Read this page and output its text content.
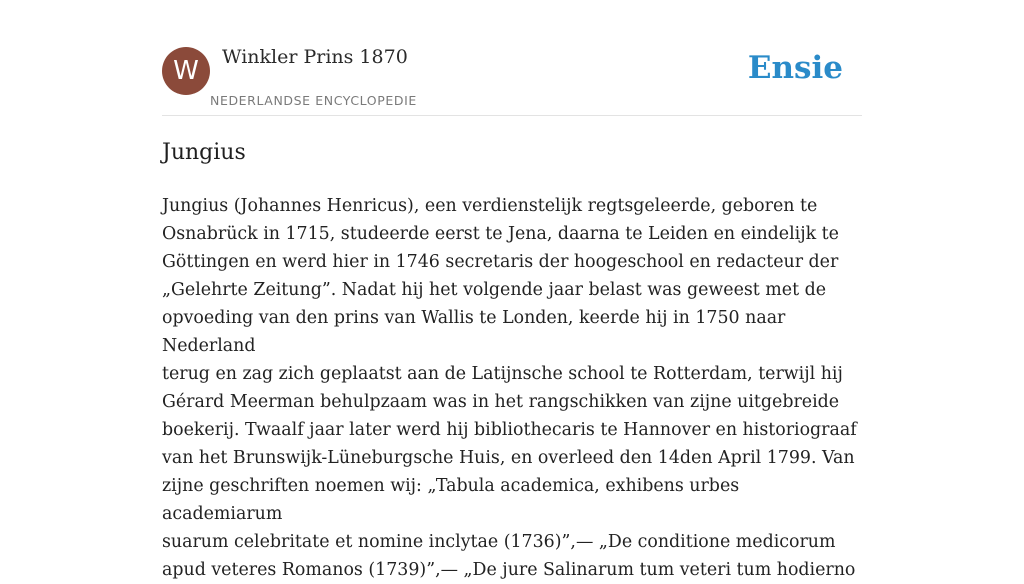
W	Winkler Prins 1870
NEDERLANDSE ENCYCLOPEDIE
Ensie
Jungius
Jungius (Johannes Henricus), een verdienstelijk regtsgeleerde, geboren te
Osnabrück in 1715, studeerde eerst te Jena, daarna te Leiden en eindelijk te
Göttingen en werd hier in 1746 secretaris der hoogeschool en redacteur der
„Gelehrte Zeitung”. Nadat hij het volgende jaar belast was geweest met de
opvoeding van den prins van Wallis te Londen, keerde hij in 1750 naar Nederland
terug en zag zich geplaatst aan de Latijnsche school te Rotterdam, terwijl hij
Gérard Meerman behulpzaam was in het rangschikken van zijne uitgebreide
boekerij. Twaalf jaar later werd hij bibliothecaris te Hannover en historiograaf
van het Brunswijk-Lüneburgsche Huis, en overleed den 14den April 1799. Van
zijne geschriften noemen wij: „Tabula academica, exhibens urbes academiarum
suarum celebritate et nomine inclytae (1736)”,— „De conditione medicorum
apud veteres Romanos (1739)”,— „De jure Salinarum tum veteri tum hodierno
